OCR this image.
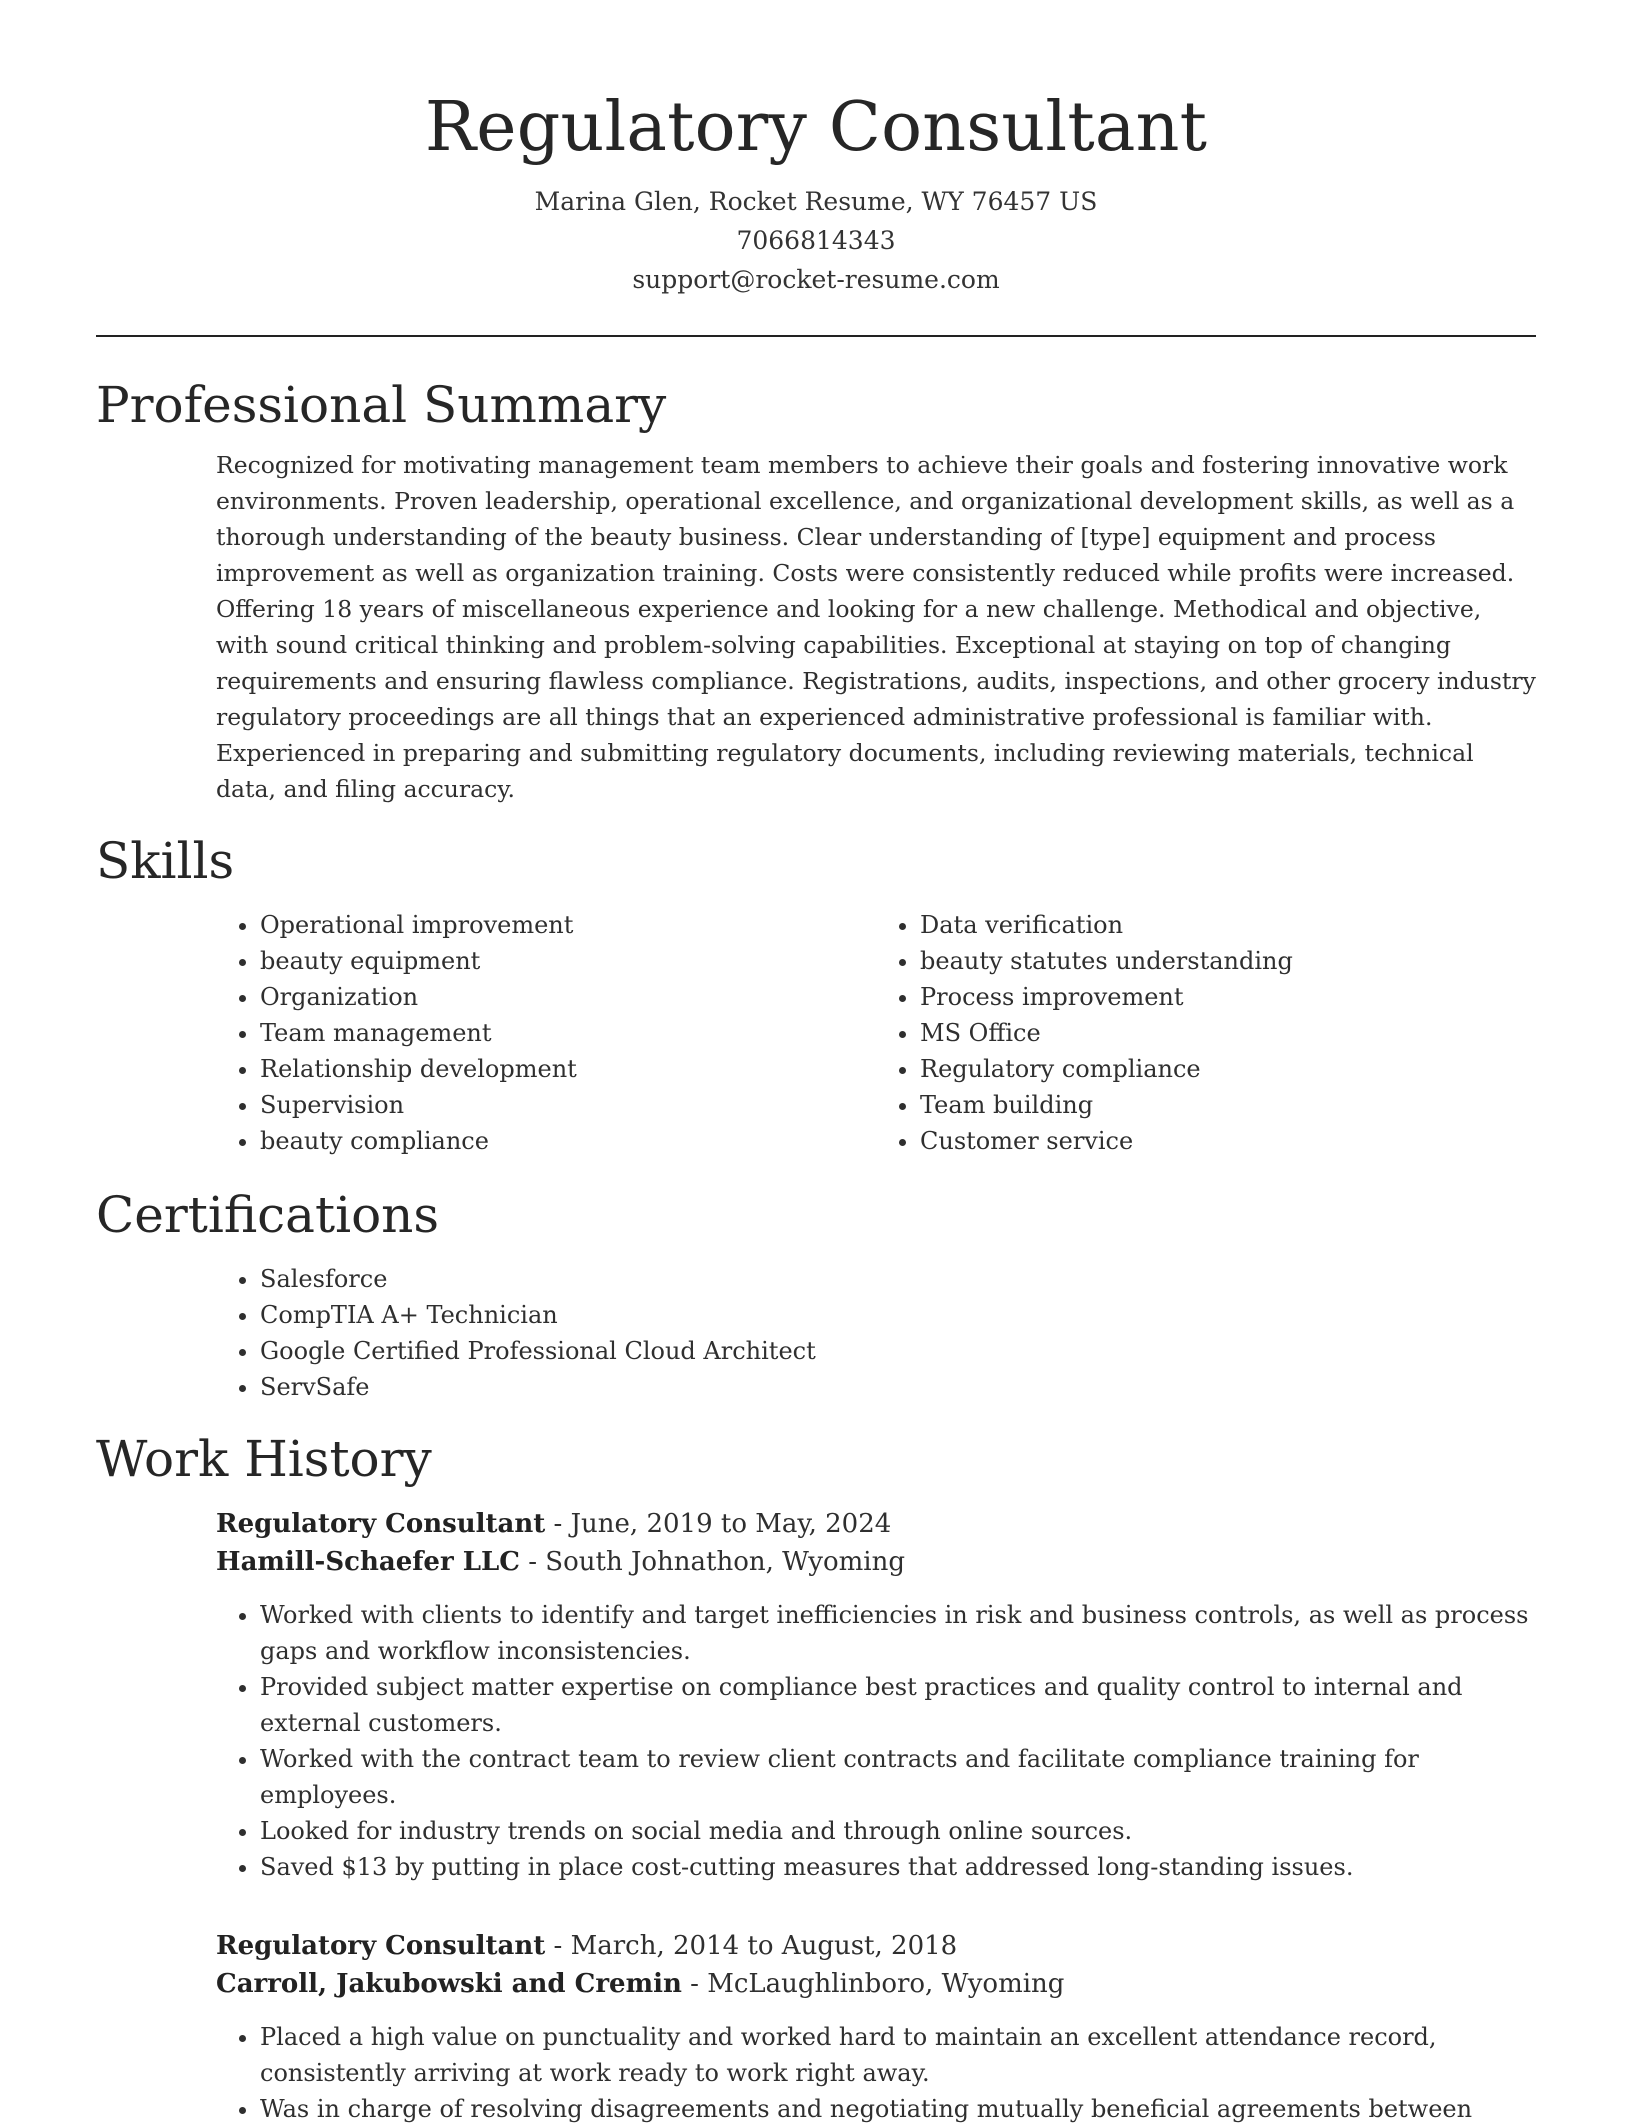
Regulatory Consultant
Marina Glen, Rocket Resume, WY 76457 US
7066814343
support@rocket-resume.com
Professional Summary

Recognized for motivating management team members to achieve their goals and fostering innovative work environments. Proven leadership, operational excellence, and organizational development skills, as well as a thorough understanding of the beauty business. Clear understanding of [type] equipment and process improvement as well as organization training. Costs were consistently reduced while profits were increased. Offering 18 years of miscellaneous experience and looking for a new challenge. Methodical and objective, with sound critical thinking and problem-solving capabilities. Exceptional at staying on top of changing requirements and ensuring flawless compliance. Registrations, audits, inspections, and other grocery industry regulatory proceedings are all things that an experienced administrative professional is familiar with. Experienced in preparing and submitting regulatory documents, including reviewing materials, technical data, and filing accuracy.

Skills
• Operational improvement
• beauty equipment
• Organization
• Team management
• Relationship development
• Supervision
• beauty compliance
• Data verification
• beauty statutes understanding
• Process improvement
• MS Office
• Regulatory compliance
• Team building
• Customer service
Certifications
• Salesforce
• CompTIA A+ Technician
• Google Certified Professional Cloud Architect
• ServSafe
Work History
Regulatory Consultant - June, 2019 to May, 2024
Hamill-Schaefer LLC - South Johnathon, Wyoming
• Worked with clients to identify and target inefficiencies in risk and business controls, as well as process gaps and workflow inconsistencies.
• Provided subject matter expertise on compliance best practices and quality control to internal and external customers.
• Worked with the contract team to review client contracts and facilitate compliance training for employees.
• Looked for industry trends on social media and through online sources.
• Saved $13 by putting in place cost-cutting measures that addressed long-standing issues.
Regulatory Consultant - March, 2014 to August, 2018
Carroll, Jakubowski and Cremin - McLaughlinboro, Wyoming
• Placed a high value on punctuality and worked hard to maintain an excellent attendance record, consistently arriving at work ready to work right away.
• Was in charge of resolving disagreements and negotiating mutually beneficial agreements between
